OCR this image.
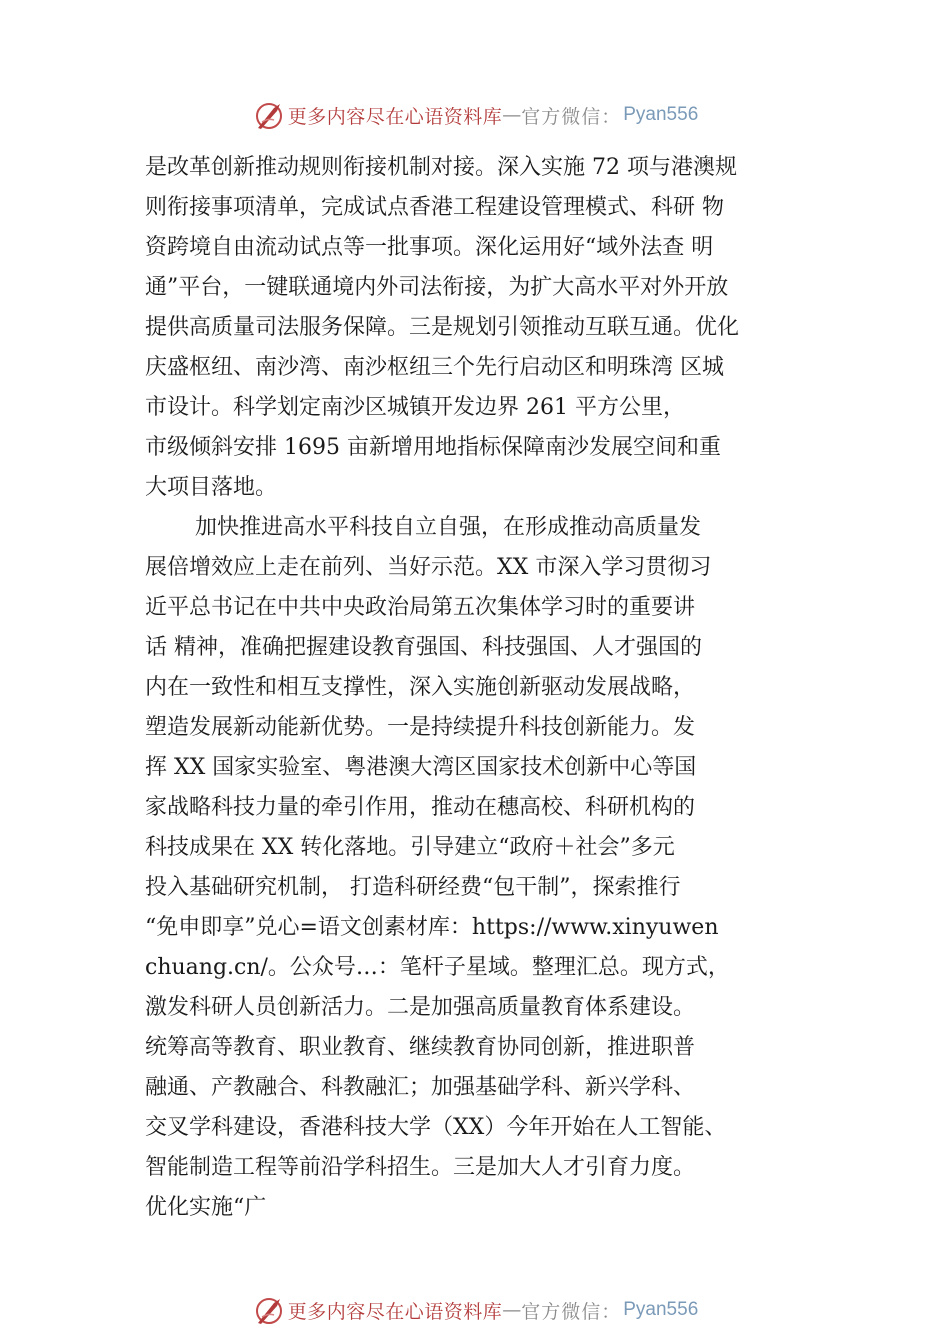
更多内容尽在心语资料库 — 官方微信： Pyan556
是改革创新推动规则衔接机制对接。深入实施 72 项与港澳规
则衔接事项清单，完成试点香港工程建设管理模式、科研 物
资跨境自由流动试点等一批事项。深化运用好“域外法查 明
通”平台，一键联通境内外司法衔接，为扩大高水平对外开放
提供高质量司法服务保障。三是规划引领推动互联互通。优化
庆盛枢纽、南沙湾、南沙枢纽三个先行启动区和明珠湾 区城
市设计。科学划定南沙区城镇开发边界 261 平方公里，
市级倾斜安排 1695 亩新增用地指标保障南沙发展空间和重
大项目落地。
加快推进高水平科技自立自强，在形成推动高质量发
展倍增效应上走在前列、当好示范。XX 市深入学习贯彻习
近平总书记在中共中央政治局第五次集体学习时的重要讲
话 精神，准确把握建设教育强国、科技强国、人才强国的
内在一致性和相互支撑性，深入实施创新驱动发展战略，
塑造发展新动能新优势。一是持续提升科技创新能力。发
挥 XX 国家实验室、粤港澳大湾区国家技术创新中心等国
家战略科技力量的牵引作用，推动在穗高校、科研机构的
科技成果在 XX 转化落地。引导建立“政府＋社会”多元
投入基础研究机制， 打造科研经费“包干制”，探索推行
“免申即享”兑心=语文创素材库：https://www.xinyuwen
chuang.cn/。公众号…：笔杆子星域。整理汇总。现方式，
激发科研人员创新活力。二是加强高质量教育体系建设。
统筹高等教育、职业教育、继续教育协同创新，推进职普
融通、产教融合、科教融汇；加强基础学科、新兴学科、
交叉学科建设，香港科技大学（XX）今年开始在人工智能、
智能制造工程等前沿学科招生。三是加大人才引育力度。
优化实施“广
更多内容尽在心语资料库 — 官方微信： Pyan556
